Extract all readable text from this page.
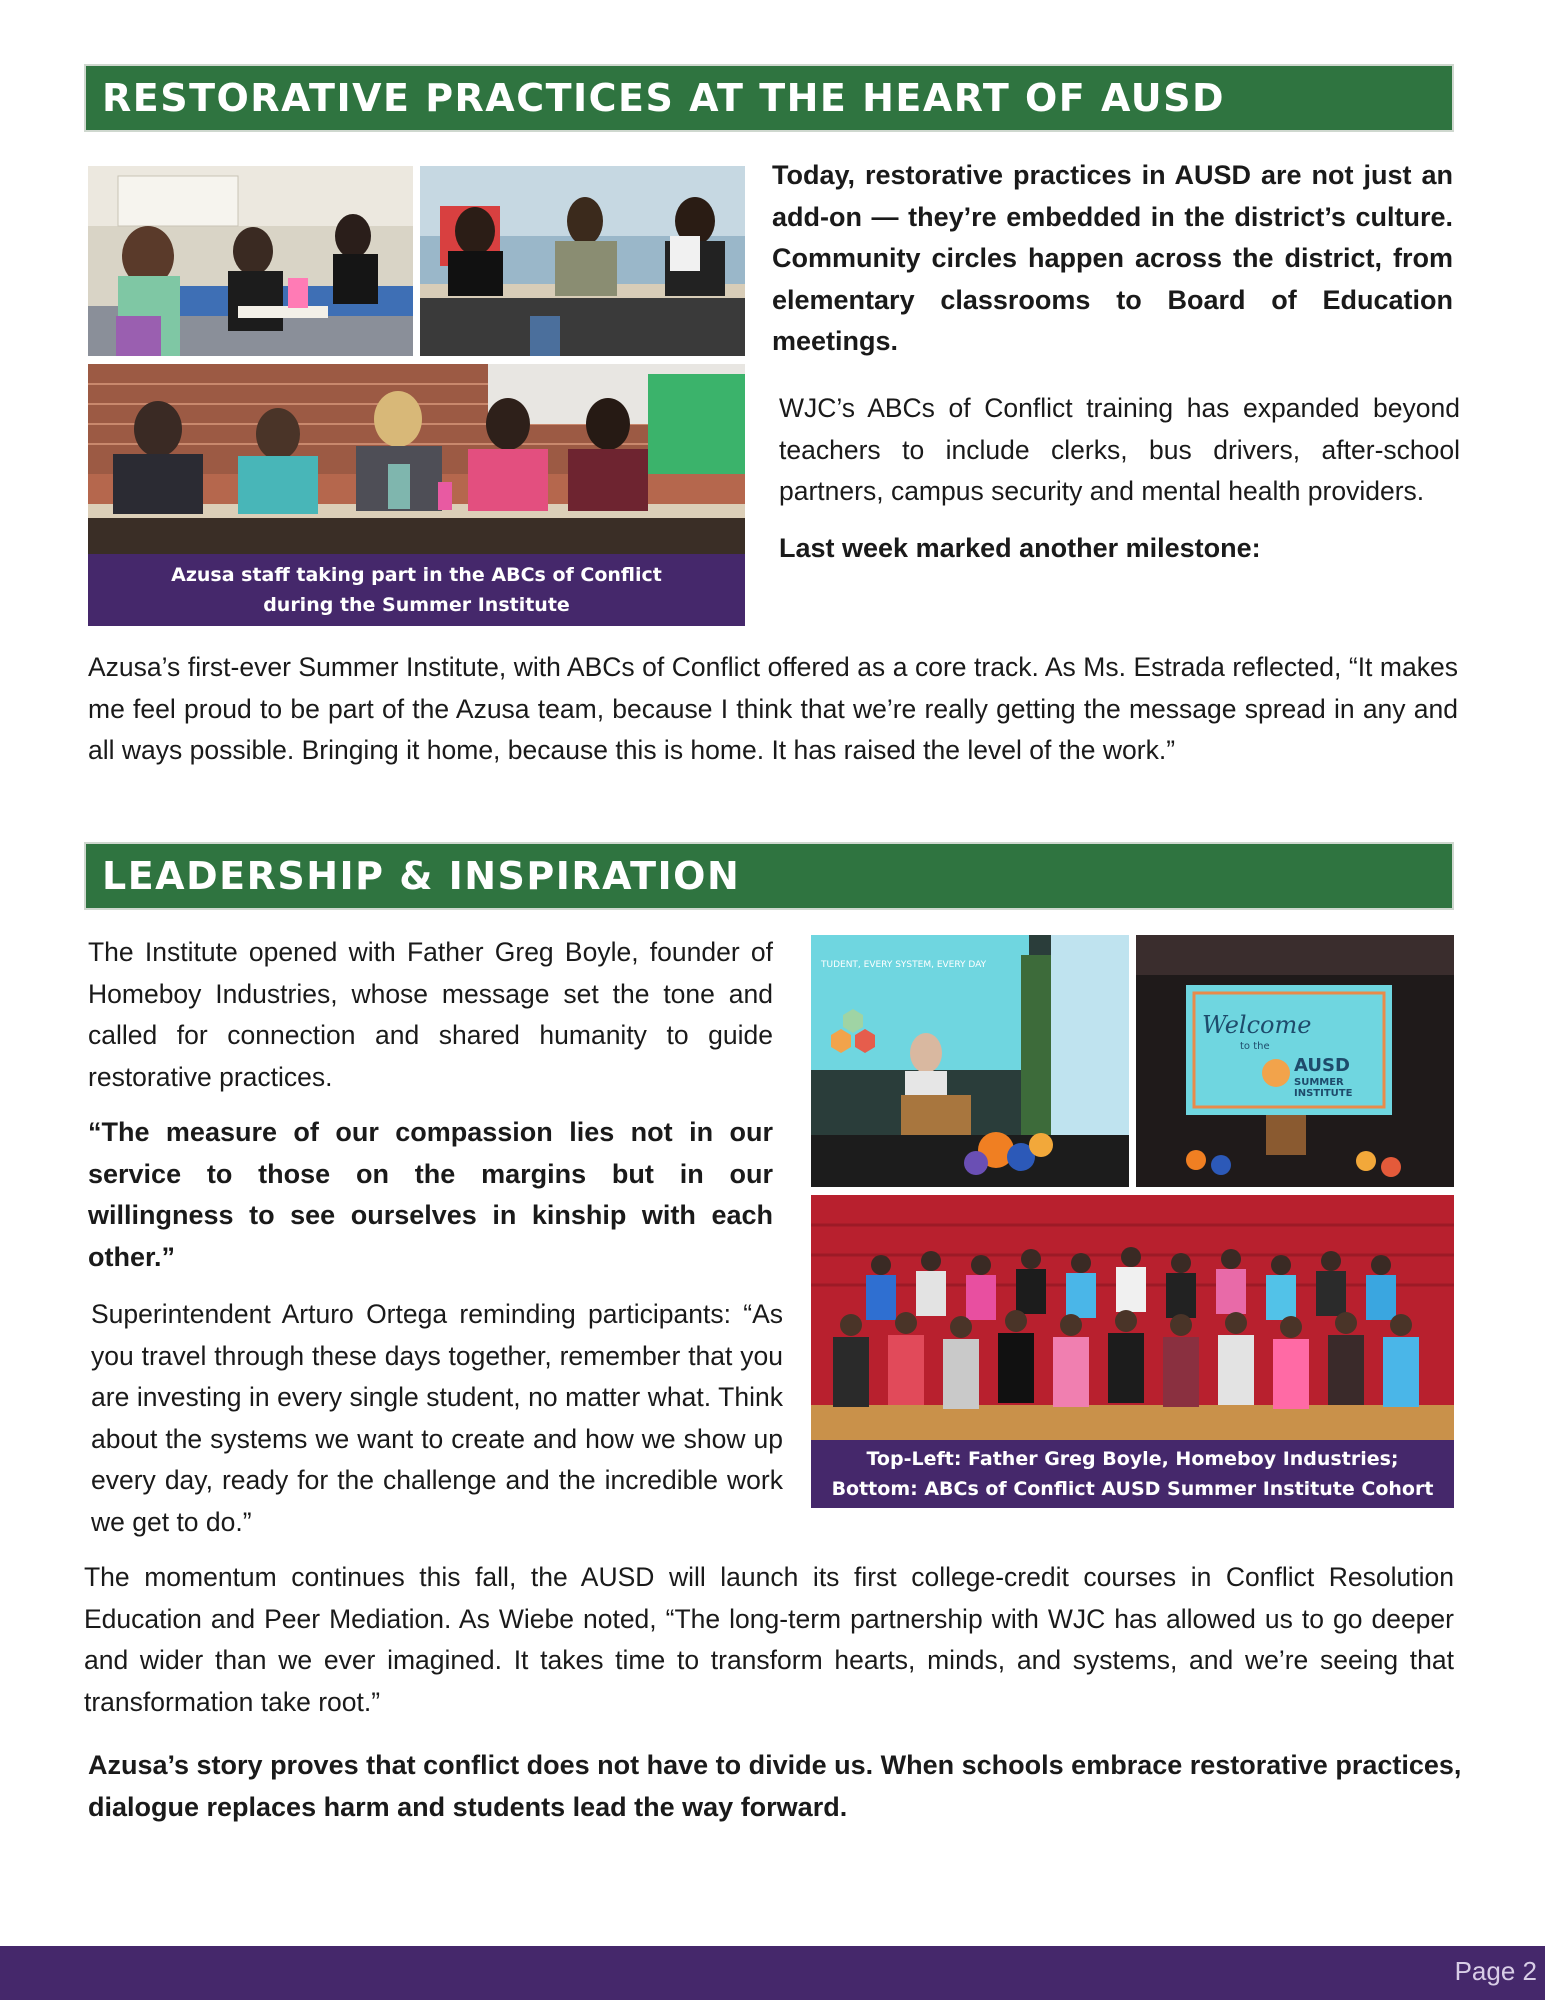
RESTORATIVE PRACTICES AT THE HEART OF AUSD
Azusa staff taking part in the ABCs of Conflict
during the Summer Institute

Today, restorative practices in AUSD are not just an add-on — they’re embedded in the district’s culture. Community circles happen across the district, from elementary classrooms to Board of Education meetings.

WJC’s ABCs of Conflict training has expanded beyond teachers to include clerks, bus drivers, after-school partners, campus security and mental health providers.

Last week marked another milestone:

Azusa’s first-ever Summer Institute, with ABCs of Conflict offered as a core track. As Ms. Estrada reflected, “It makes me feel proud to be part of the Azusa team, because I think that we’re really getting the message spread in any and all ways possible. Bringing it home, because this is home. It has raised the level of the work.”

LEADERSHIP & INSPIRATION

The Institute opened with Father Greg Boyle, founder of Homeboy Industries, whose message set the tone and called for connection and shared humanity to guide restorative practices.

“The measure of our compassion lies not in our service to those on the margins but in our willingness to see ourselves in kinship with each other.”

Superintendent Arturo Ortega reminding participants: “As you travel through these days together, remember that you are investing in every single student, no matter what. Think about the systems we want to create and how we show up every day, ready for the challenge and the incredible work we get to do.”

TUDENT, EVERY SYSTEM, EVERY DAY
Welcome
to the
AUSD
SUMMER
INSTITUTE
Top-Left: Father Greg Boyle, Homeboy Industries;
Bottom: ABCs of Conflict AUSD Summer Institute Cohort

The momentum continues this fall, the AUSD will launch its first college-credit courses in Conflict Resolution Education and Peer Mediation. As Wiebe noted, “The long-term partnership with WJC has allowed us to go deeper and wider than we ever imagined. It takes time to transform hearts, minds, and systems, and we’re seeing that transformation take root.”

Azusa’s story proves that conflict does not have to divide us. When schools embrace restorative practices, dialogue replaces harm and students lead the way forward.

Page 2
